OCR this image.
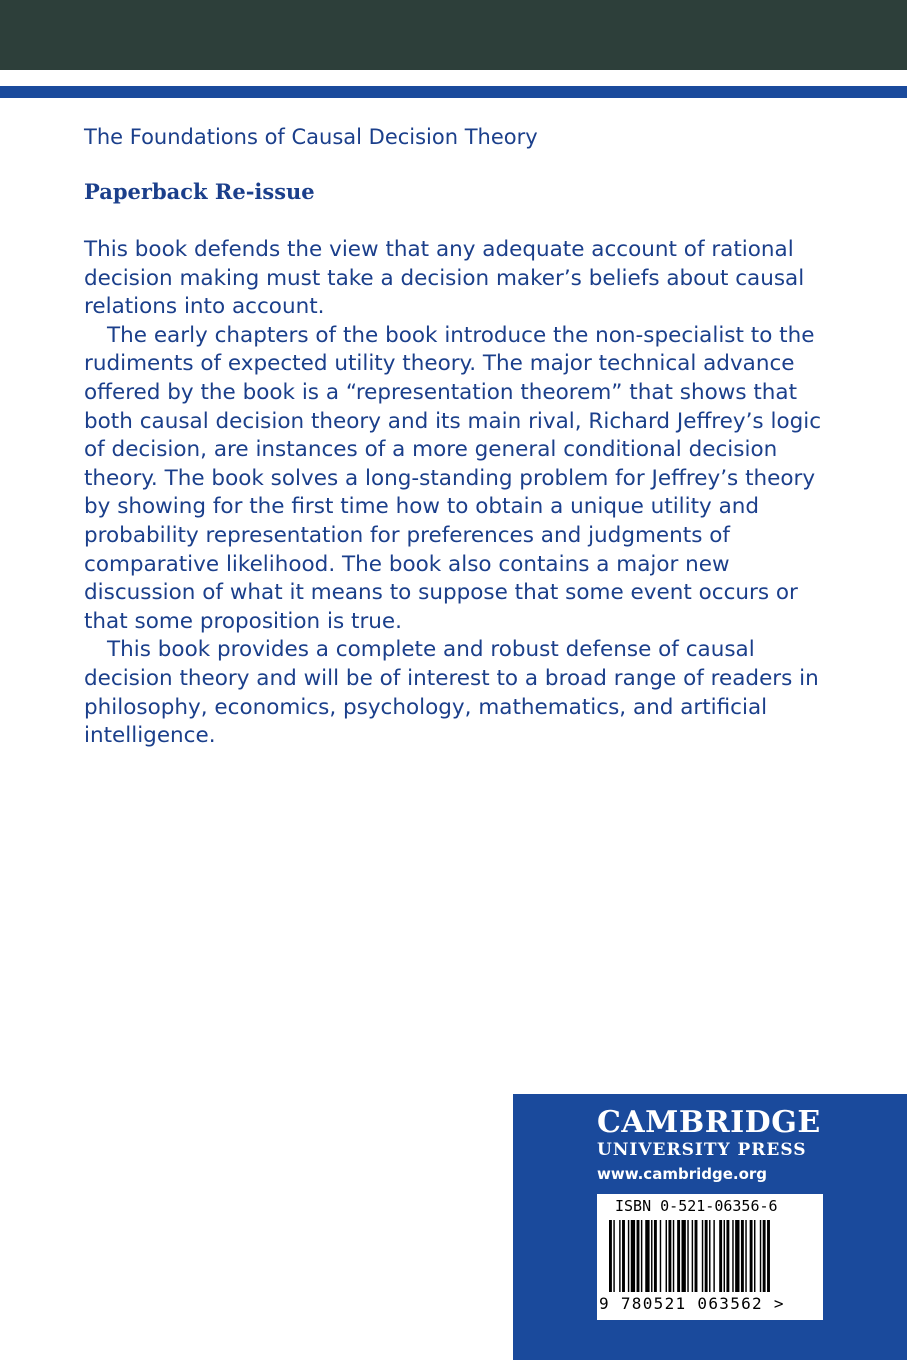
The Foundations of Causal Decision Theory
Paperback Re-issue

This book defends the view that any adequate account of rational decision making must take a decision maker’s beliefs about causal relations into account.

The early chapters of the book introduce the non-specialist to the rudiments of expected utility theory. The major technical advance offered by the book is a “representation theorem” that shows that both causal decision theory and its main rival, Richard Jeffrey’s logic of decision, are instances of a more general conditional decision theory. The book solves a long-standing problem for Jeffrey’s theory by showing for the first time how to obtain a unique utility and probability representation for preferences and judgments of comparative likelihood. The book also contains a major new discussion of what it means to suppose that some event occurs or that some proposition is true.

This book provides a complete and robust defense of causal decision theory and will be of interest to a broad range of readers in philosophy, economics, psychology, mathematics, and artificial intelligence.

CAMBRIDGE
UNIVERSITY PRESS
www.cambridge.org
ISBN 0-521-06356-6
9 780521 063562 >
